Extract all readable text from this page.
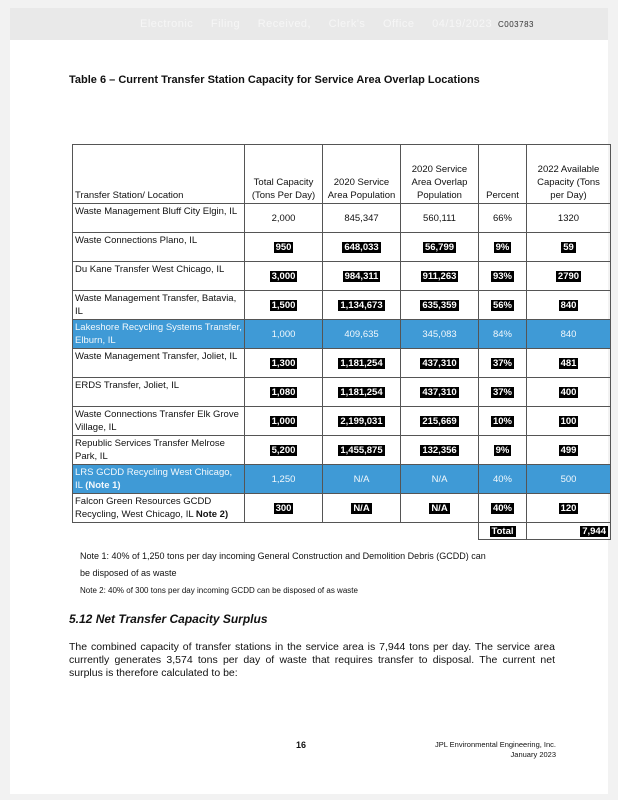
Electronic Filing Received, Clerk's Office 04/19/2023 C003783
Table 6 – Current Transfer Station Capacity for Service Area Overlap Locations
Transfer Station/ Location	Total Capacity (Tons Per Day)	2020 Service Area Population	2020 Service Area Overlap Population	Percent	2022 Available Capacity (Tons per Day)
Waste Management Bluff City Elgin, IL	2,000	845,347	560,111	66%	1320
Waste Connections Plano, IL	950	648,033	56,799	9%	59
Du Kane Transfer West Chicago, IL	3,000	984,311	911,263	93%	2790
Waste Management Transfer, Batavia, IL	1,500	1,134,673	635,359	56%	840
Lakeshore Recycling Systems Transfer, Elburn, IL	1,000	409,635	345,083	84%	840
Waste Management Transfer, Joliet, IL	1,300	1,181,254	437,310	37%	481
ERDS Transfer, Joliet, IL	1,080	1,181,254	437,310	37%	400
Waste Connections Transfer Elk Grove Village, IL	1,000	2,199,031	215,669	10%	100
Republic Services Transfer Melrose Park, IL	5,200	1,455,875	132,356	9%	499
LRS GCDD Recycling West Chicago, IL (Note 1)	1,250	N/A	N/A	40%	500
Falcon Green Resources GCDD Recycling, West Chicago, IL Note 2)	300	N/A	N/A	40%	120
				Total	7,944
Note 1: 40% of 1,250 tons per day incoming General Construction and Demolition Debris (GCDD) can be disposed of as waste
Note 2: 40% of 300 tons per day incoming GCDD can be disposed of as waste
5.12 Net Transfer Capacity Surplus
The combined capacity of transfer stations in the service area is 7,944 tons per day. The service area currently generates 3,574 tons per day of waste that requires transfer to disposal. The current net surplus is therefore calculated to be:
16	JPL Environmental Engineering, Inc.
January 2023
